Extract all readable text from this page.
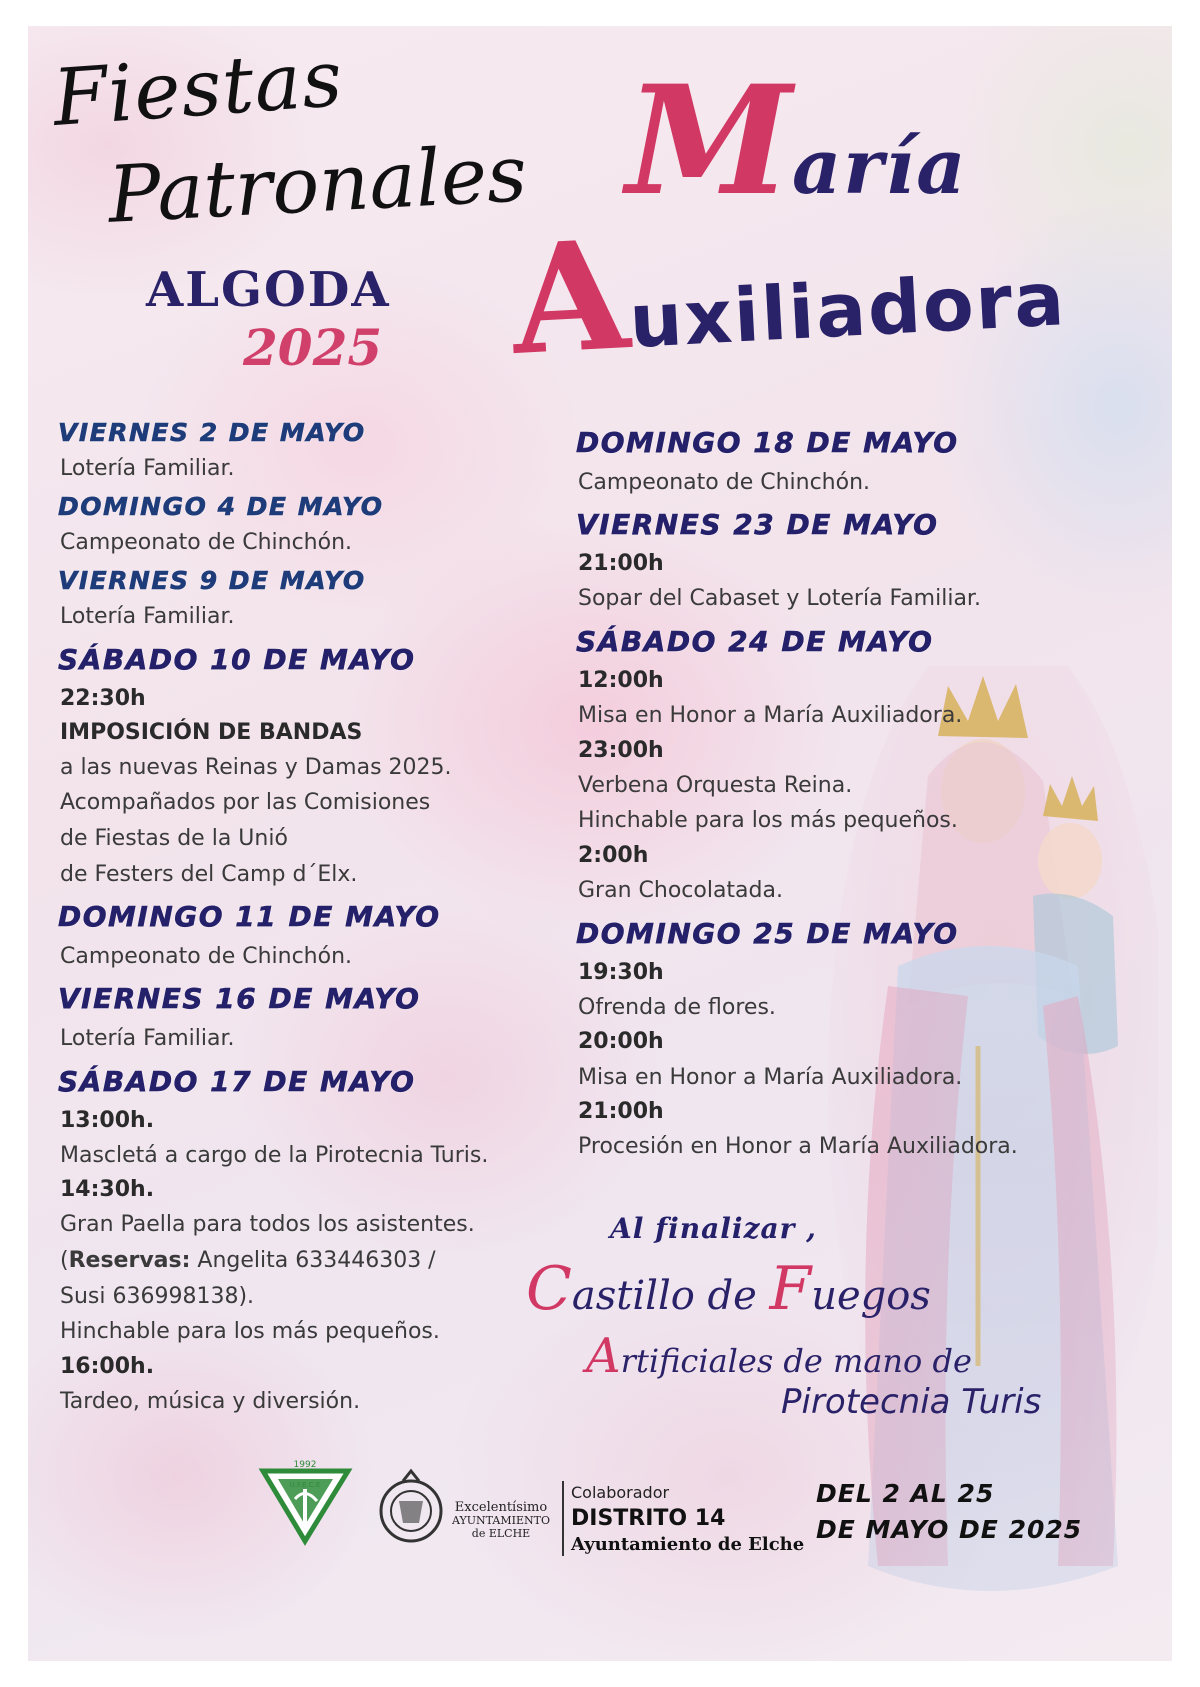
Fiestas
Patronales
ALGODA
2025
María
Auxiliadora
VIERNES 2 DE MAYO
Lotería Familiar.
DOMINGO 4 DE MAYO
Campeonato de Chinchón.
VIERNES 9 DE MAYO
Lotería Familiar.
SÁBADO 10 DE MAYO
22:30h
IMPOSICIÓN DE BANDAS
a las nuevas Reinas y Damas 2025.
Acompañados por las Comisiones
de Fiestas de la Unió
de Festers del Camp d´Elx.
DOMINGO 11 DE MAYO
Campeonato de Chinchón.
VIERNES 16 DE MAYO
Lotería Familiar.
SÁBADO 17 DE MAYO
13:00h.
Mascletá a cargo de la Pirotecnia Turis.
14:30h.
Gran Paella para todos los asistentes.
(Reservas: Angelita 633446303 /
Susi 636998138).
Hinchable para los más pequeños.
16:00h.
Tardeo, música y diversión.
DOMINGO 18 DE MAYO
Campeonato de Chinchón.
VIERNES 23 DE MAYO
21:00h
Sopar del Cabaset y Lotería Familiar.
SÁBADO 24 DE MAYO
12:00h
Misa en Honor a María Auxiliadora.
23:00h
Verbena Orquesta Reina.
Hinchable para los más pequeños.
2:00h
Gran Chocolatada.
DOMINGO 25 DE MAYO
19:30h
Ofrenda de flores.
20:00h
Misa en Honor a María Auxiliadora.
21:00h
Procesión en Honor a María Auxiliadora.
Al finalizar ,
Castillo de Fuegos
Artificiales de mano de
Pirotecnia Turis
1992
U.F.E.C.E
Excelentísimo
AYUNTAMIENTO
de ELCHE
Colaborador
DISTRITO 14
Ayuntamiento de Elche
DEL 2 AL 25
DE MAYO DE 2025
